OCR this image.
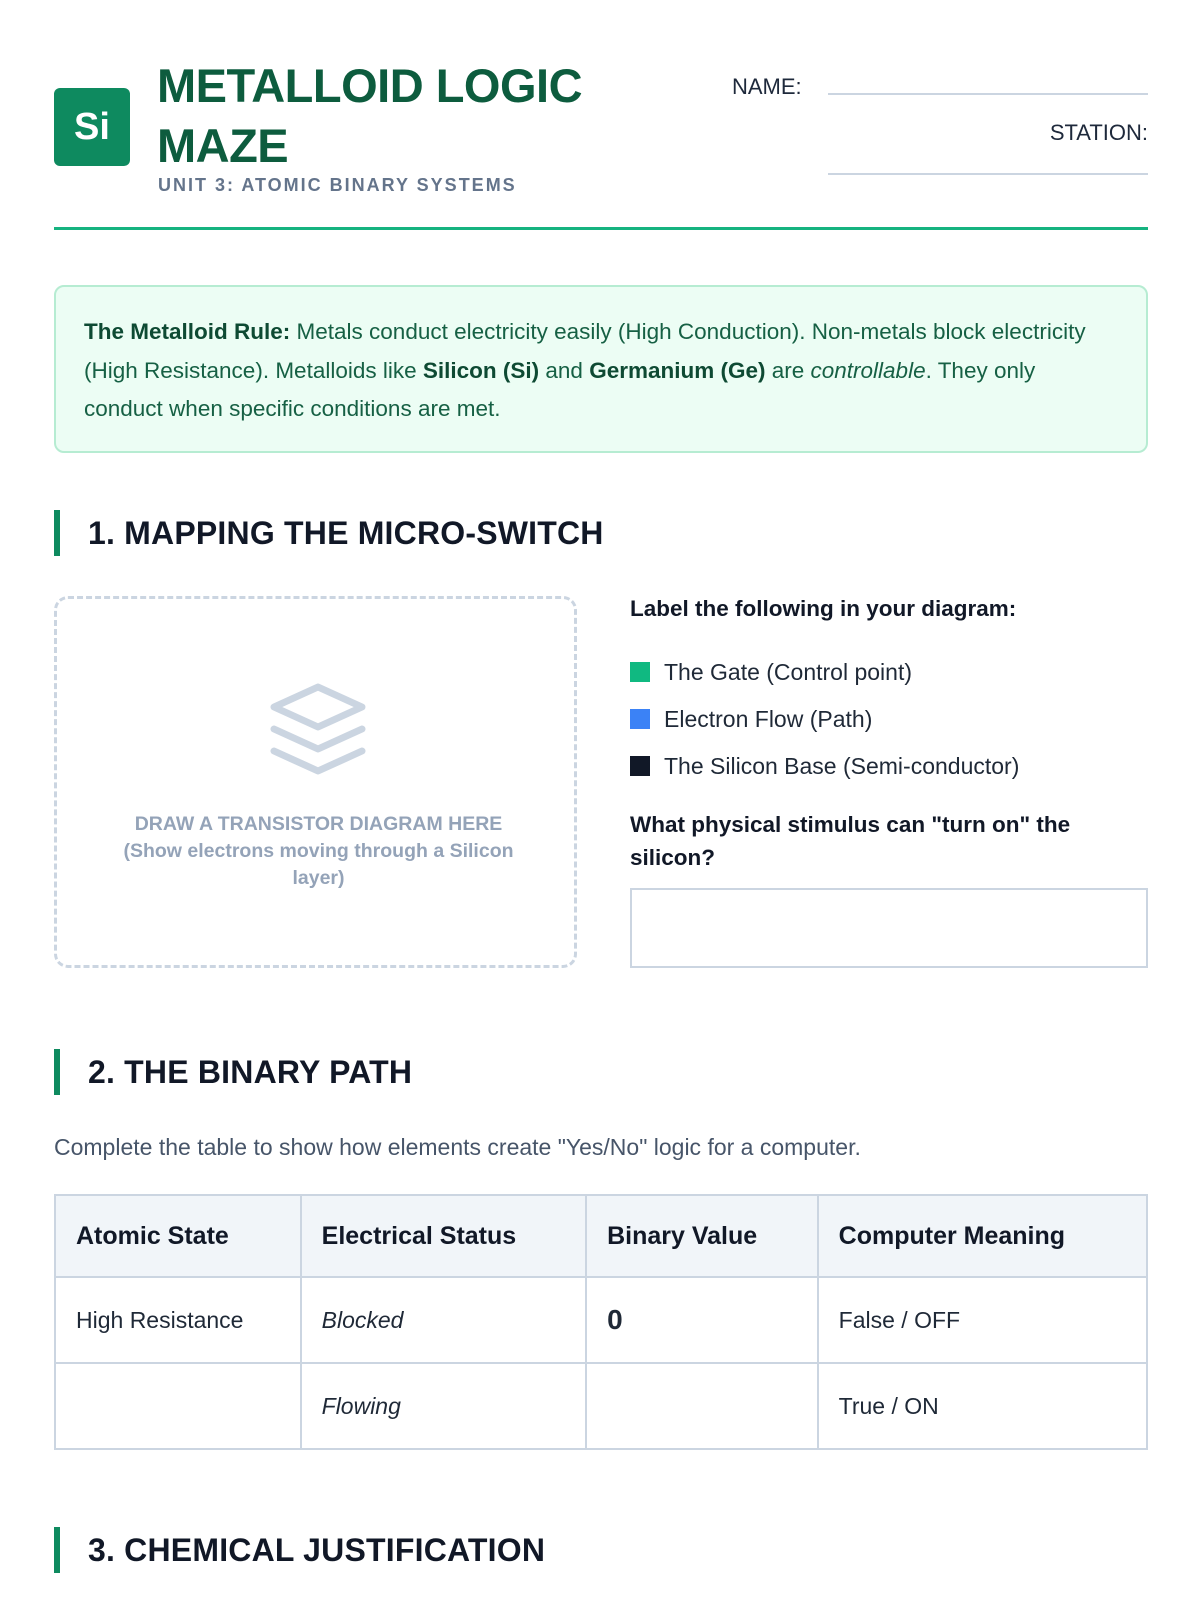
Si
METALLOID LOGIC MAZE
UNIT 3: ATOMIC BINARY SYSTEMS
NAME:
STATION:
The Metalloid Rule: Metals conduct electricity easily (High Conduction). Non-metals block electricity (High Resistance). Metalloids like Silicon (Si) and Germanium (Ge) are controllable. They only conduct when specific conditions are met.
1. MAPPING THE MICRO-SWITCH
DRAW A TRANSISTOR DIAGRAM HERE
(Show electrons moving through a Silicon layer)
Label the following in your diagram:
The Gate (Control point)
Electron Flow (Path)
The Silicon Base (Semi-conductor)
What physical stimulus can "turn on" the silicon?
2. THE BINARY PATH
Complete the table to show how elements create "Yes/No" logic for a computer.
Atomic State	Electrical Status	Binary Value	Computer Meaning
High Resistance	Blocked	0	False / OFF
	Flowing		True / ON
3. CHEMICAL JUSTIFICATION
